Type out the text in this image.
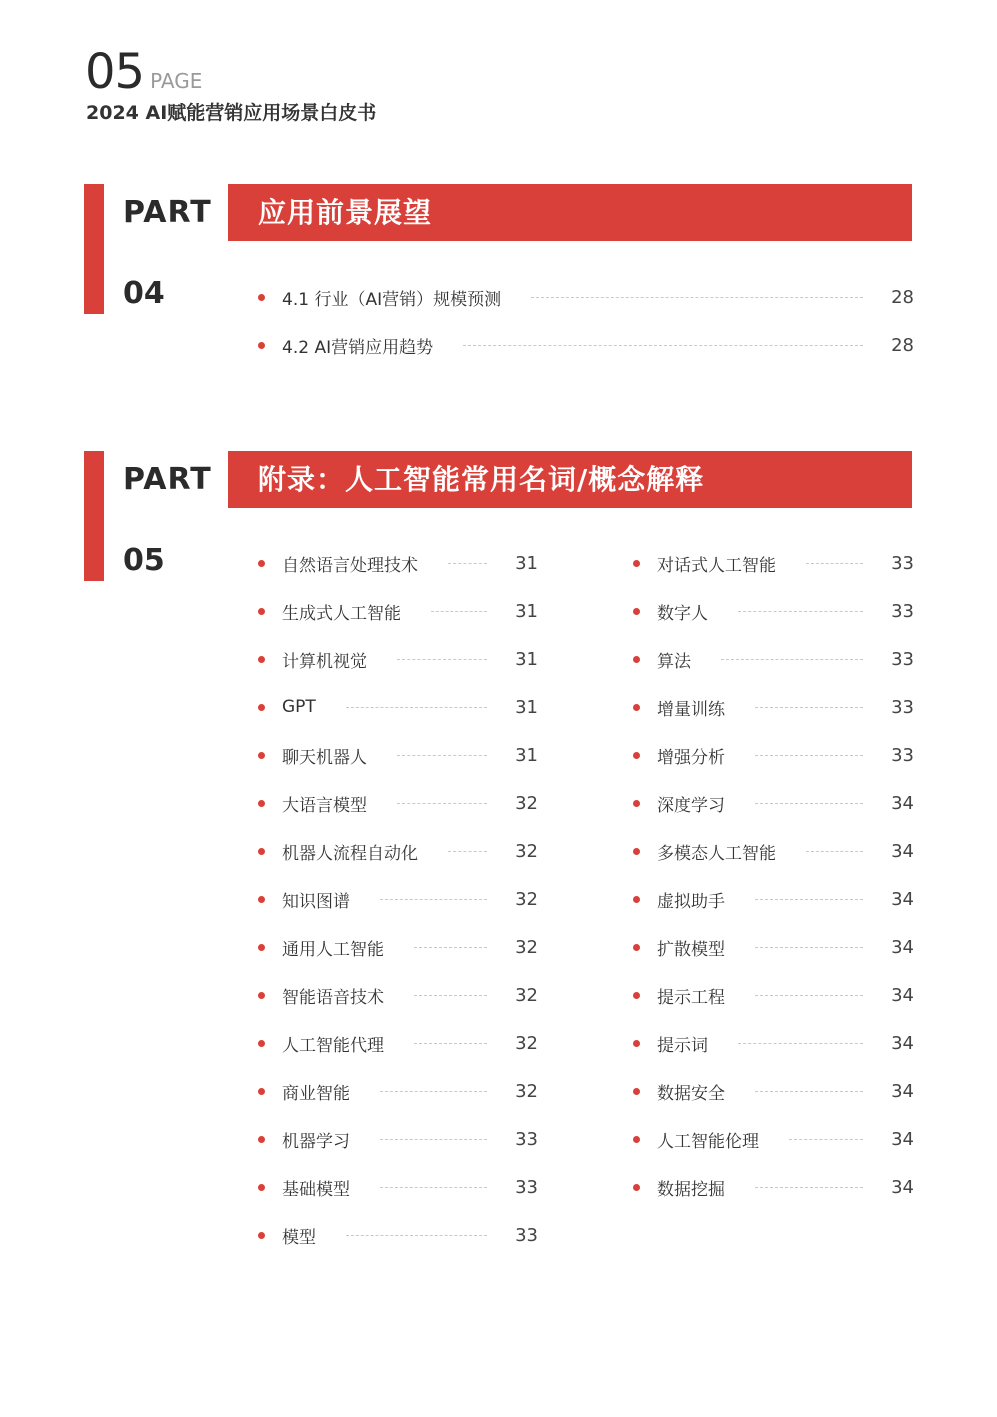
05 PAGE
2024 AI赋能营销应用场景白皮书
PART
04
应用前景展望
4.1 行业（AI营销）规模预测	28
4.2 AI营销应用趋势	28
PART
05
附录：人工智能常用名词/概念解释
自然语言处理技术	31
生成式人工智能	31
计算机视觉	31
GPT	31
聊天机器人	31
大语言模型	32
机器人流程自动化	32
知识图谱	32
通用人工智能	32
智能语音技术	32
人工智能代理	32
商业智能	32
机器学习	33
基础模型	33
模型	33
对话式人工智能	33
数字人	33
算法	33
增量训练	33
增强分析	33
深度学习	34
多模态人工智能	34
虚拟助手	34
扩散模型	34
提示工程	34
提示词	34
数据安全	34
人工智能伦理	34
数据挖掘	34
